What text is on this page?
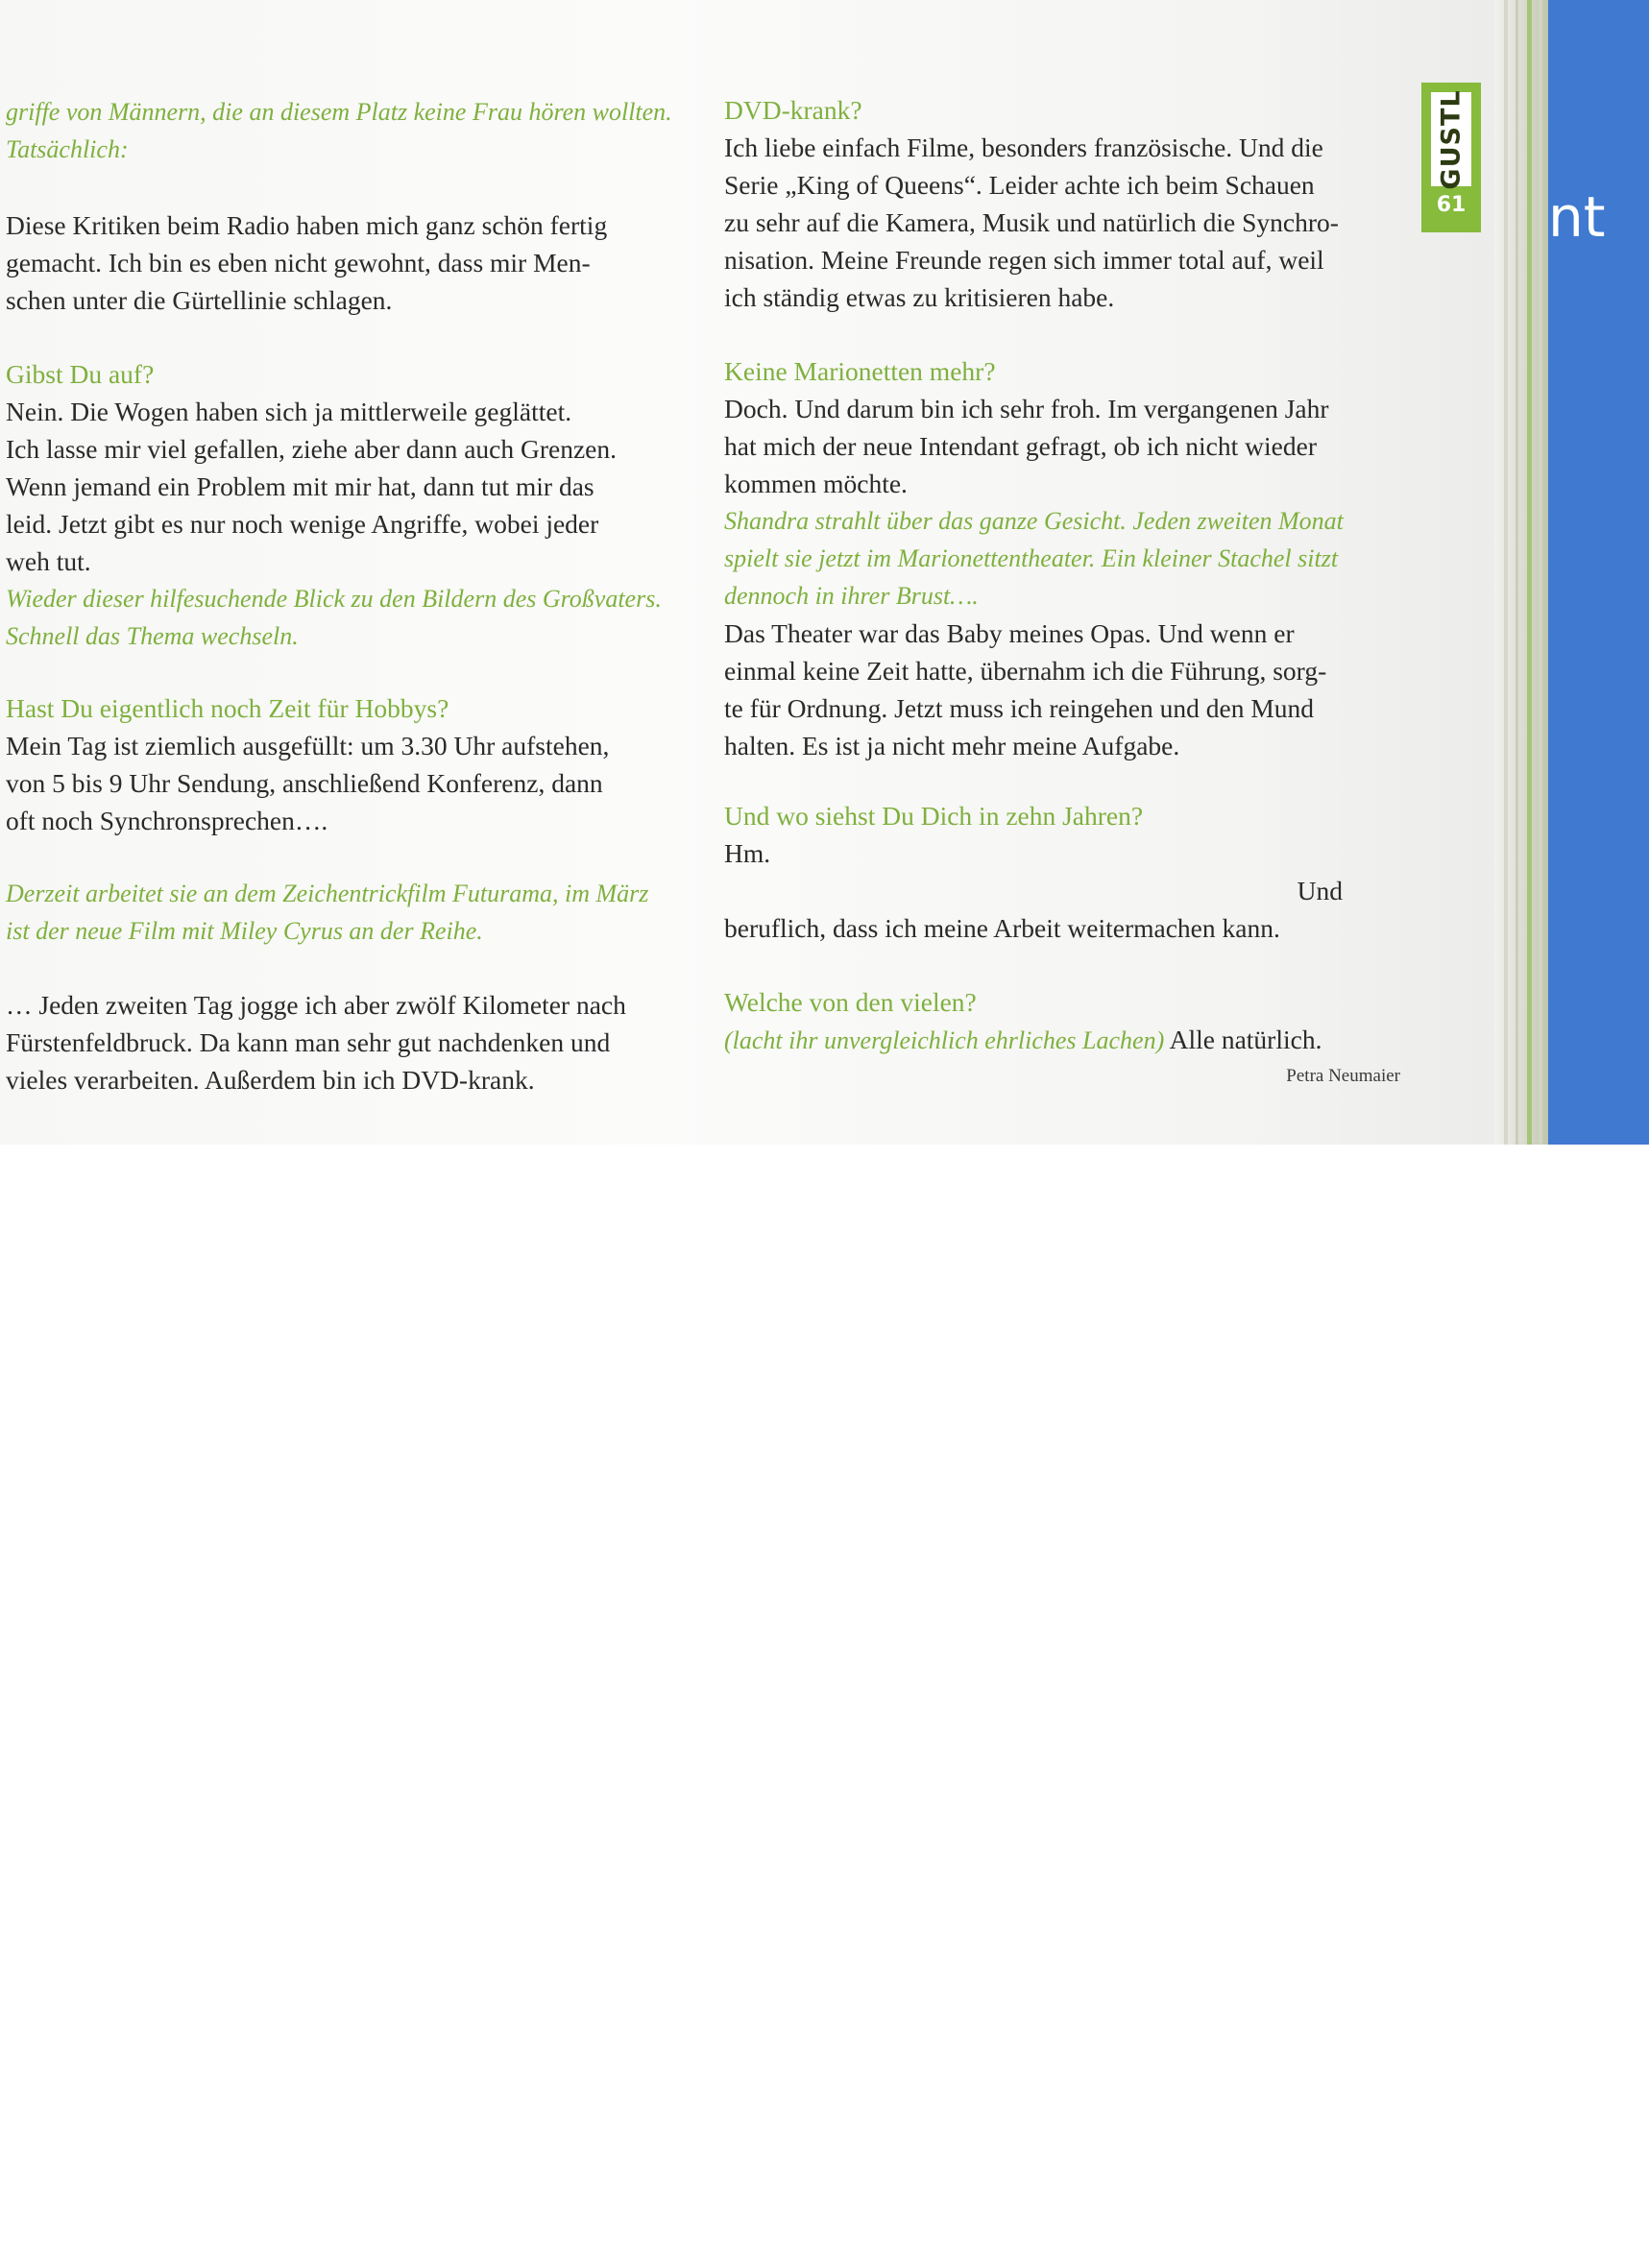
griffe von Männern, die an diesem Platz keine Frau hören wollten.

Tatsächlich:

Diese Kritiken beim Radio haben mich ganz schön fertig

gemacht. Ich bin es eben nicht gewohnt, dass mir Men-

schen unter die Gürtellinie schlagen.

Gibst Du auf?

Nein. Die Wogen haben sich ja mittlerweile geglättet.

Ich lasse mir viel gefallen, ziehe aber dann auch Grenzen.

Wenn jemand ein Problem mit mir hat, dann tut mir das

leid. Jetzt gibt es nur noch wenige Angriffe, wobei jeder

weh tut.

Wieder dieser hilfesuchende Blick zu den Bildern des Großvaters.

Schnell das Thema wechseln.

Hast Du eigentlich noch Zeit für Hobbys?

Mein Tag ist ziemlich ausgefüllt: um 3.30 Uhr aufstehen,

von 5 bis 9 Uhr Sendung, anschließend Konferenz, dann

oft noch Synchronsprechen….

Derzeit arbeitet sie an dem Zeichentrickfilm Futurama, im März

ist der neue Film mit Miley Cyrus an der Reihe.

… Jeden zweiten Tag jogge ich aber zwölf Kilometer nach

Fürstenfeldbruck. Da kann man sehr gut nachdenken und

vieles verarbeiten. Außerdem bin ich DVD-krank.

DVD-krank?

Ich liebe einfach Filme, besonders französische. Und die

Serie „King of Queens“. Leider achte ich beim Schauen

zu sehr auf die Kamera, Musik und natürlich die Synchro-

nisation. Meine Freunde regen sich immer total auf, weil

ich ständig etwas zu kritisieren habe.

Keine Marionetten mehr?

Doch. Und darum bin ich sehr froh. Im vergangenen Jahr

hat mich der neue Intendant gefragt, ob ich nicht wieder

kommen möchte.

Shandra strahlt über das ganze Gesicht. Jeden zweiten Monat

spielt sie jetzt im Marionettentheater. Ein kleiner Stachel sitzt

dennoch in ihrer Brust….

Das Theater war das Baby meines Opas. Und wenn er

einmal keine Zeit hatte, übernahm ich die Führung, sorg-

te für Ordnung. Jetzt muss ich reingehen und den Mund

halten. Es ist ja nicht mehr meine Aufgabe.

Und wo siehst Du Dich in zehn Jahren?

Hm.

Und

beruflich, dass ich meine Arbeit weitermachen kann.

Welche von den vielen?

(lacht ihr unvergleichlich ehrliches Lachen) Alle natürlich.

Petra Neumaier
nt
GUSTL
61
